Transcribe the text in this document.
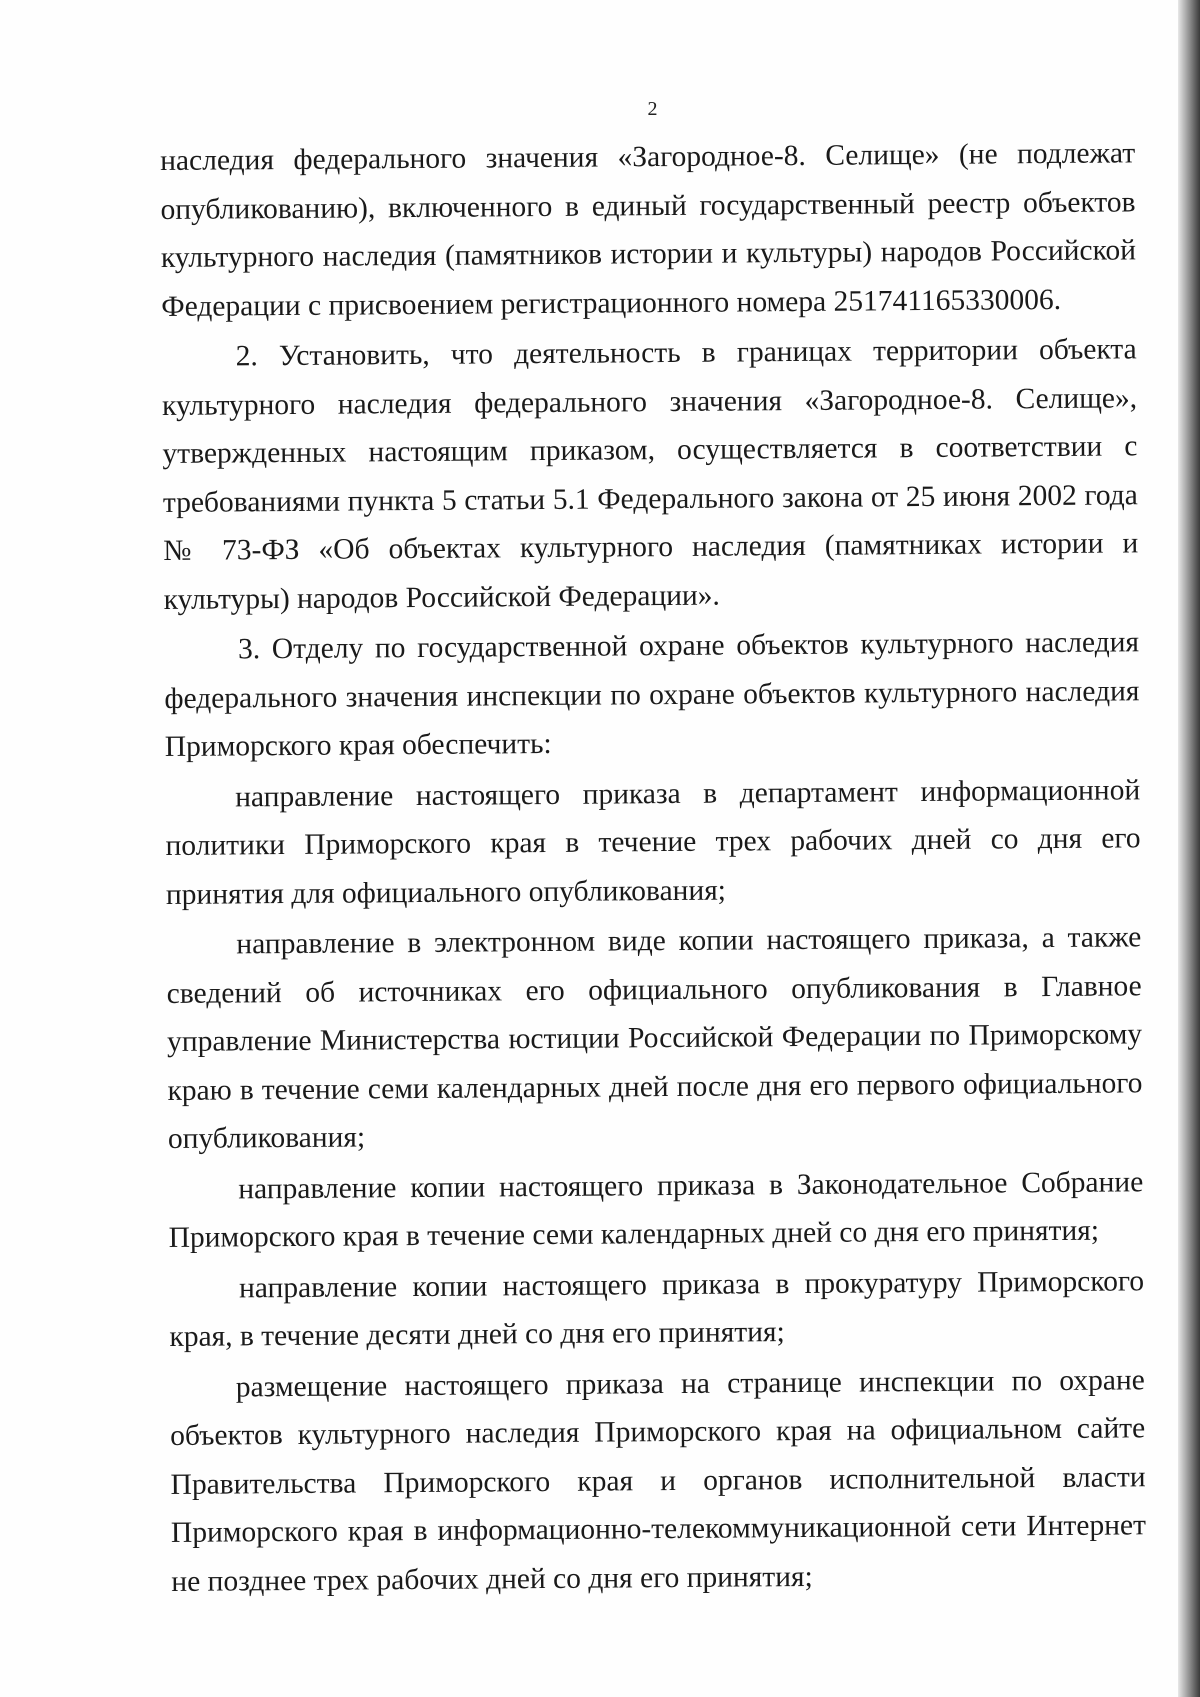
2

наследия федерального значения «Загородное-8. Селище» (не подлежат опубликованию), включенного в единый государственный реестр объектов культурного наследия (памятников истории и культуры) народов Российской Федерации с присвоением регистрационного номера 251741165330006.

2. Установить, что деятельность в границах территории объекта культурного наследия федерального значения «Загородное-8. Селище», утвержденных настоящим приказом, осуществляется в соответствии с требованиями пункта 5 статьи 5.1 Федерального закона от 25 июня 2002 года № 73-ФЗ «Об объектах культурного наследия (памятниках истории и культуры) народов Российской Федерации».

3. Отделу по государственной охране объектов культурного наследия федерального значения инспекции по охране объектов культурного наследия Приморского края обеспечить:

направление настоящего приказа в департамент информационной политики Приморского края в течение трех рабочих дней со дня его принятия для официального опубликования;

направление в электронном виде копии настоящего приказа, а также сведений об источниках его официального опубликования в Главное управление Министерства юстиции Российской Федерации по Приморскому краю в течение семи календарных дней после дня его первого официального опубликования;

направление копии настоящего приказа в Законодательное Собрание Приморского края в течение семи календарных дней со дня его принятия;

направление копии настоящего приказа в прокуратуру Приморского края, в течение десяти дней со дня его принятия;

размещение настоящего приказа на странице инспекции по охране объектов культурного наследия Приморского края на официальном сайте Правительства Приморского края и органов исполнительной власти Приморского края в информационно-телекоммуникационной сети Интернет не позднее трех рабочих дней со дня его принятия;
